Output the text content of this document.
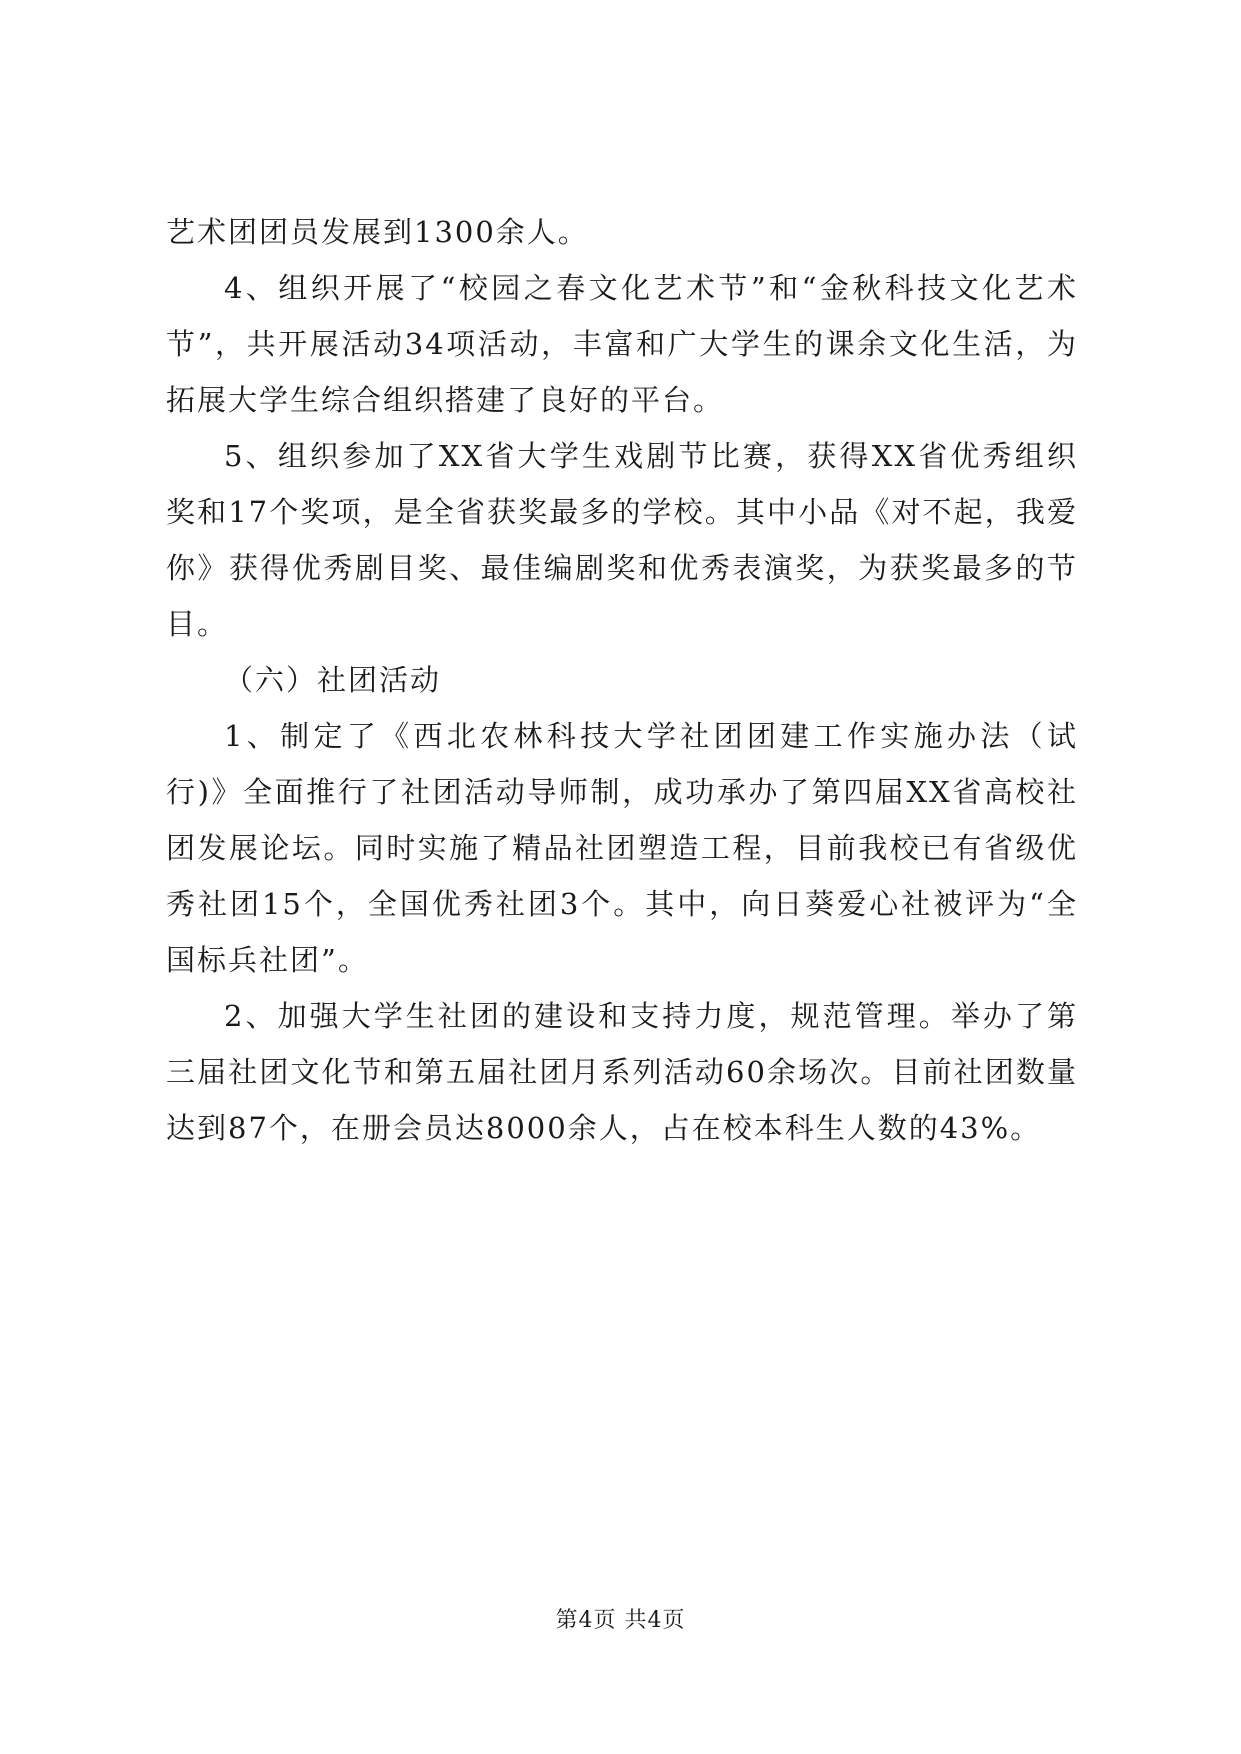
艺术团团员发展到1300余人。

4、组织开展了“校园之春文化艺术节”和“金秋科技文化艺术节”，共开展活动34项活动，丰富和广大学生的课余文化生活，为拓展大学生综合组织搭建了良好的平台。

5、组织参加了XX省大学生戏剧节比赛，获得XX省优秀组织奖和17个奖项，是全省获奖最多的学校。其中小品《对不起，我爱你》获得优秀剧目奖、最佳编剧奖和优秀表演奖，为获奖最多的节目。

（六）社团活动

1、制定了《西北农林科技大学社团团建工作实施办法（试行)》全面推行了社团活动导师制，成功承办了第四届XX省高校社团发展论坛。同时实施了精品社团塑造工程，目前我校已有省级优秀社团15个，全国优秀社团3个。其中，向日葵爱心社被评为“全国标兵社团”。

2、加强大学生社团的建设和支持力度，规范管理。举办了第三届社团文化节和第五届社团月系列活动60余场次。目前社团数量达到87个，在册会员达8000余人，占在校本科生人数的43%。

第4页 共4页
